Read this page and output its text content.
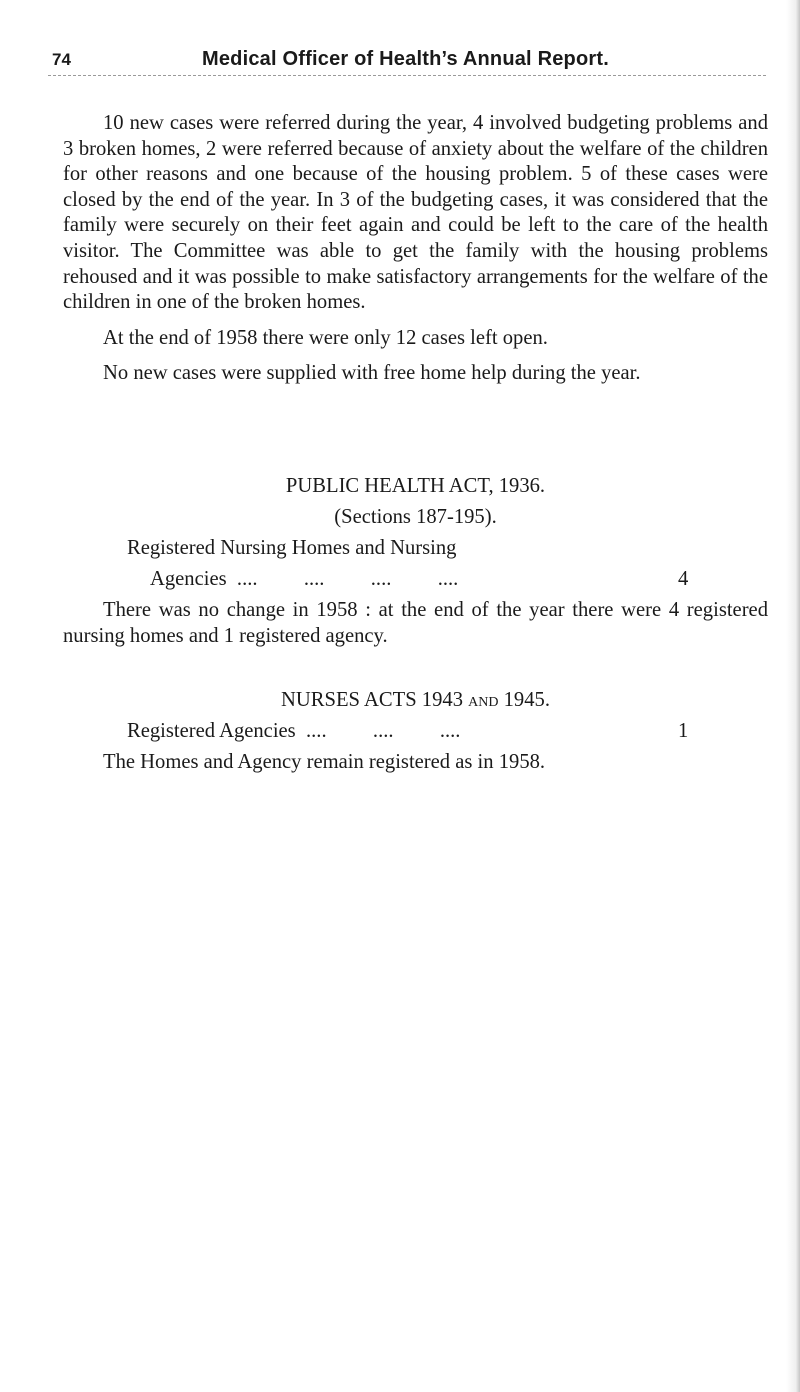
74	Medical Officer of Health’s Annual Report.

10 new cases were referred during the year, 4 involved budgeting problems and 3 broken homes, 2 were referred because of anxiety about the welfare of the children for other reasons and one because of the housing problem. 5 of these cases were closed by the end of the year. In 3 of the budgeting cases, it was considered that the family were securely on their feet again and could be left to the care of the health visitor. The Committee was able to get the family with the housing problems rehoused and it was possible to make satisfactory arrangements for the welfare of the children in one of the broken homes.

At the end of 1958 there were only 12 cases left open.

No new cases were supplied with free home help during the year.

PUBLIC HEALTH ACT, 1936.

(Sections 187-195).

Registered Nursing Homes and Nursing
Agencies  ....         ....         ....         ....	4

There was no change in 1958 : at the end of the year there were 4 registered nursing homes and 1 registered agency.

NURSES ACTS 1943 and 1945.

Registered Agencies  ....         ....         ....	1

The Homes and Agency remain registered as in 1958.
